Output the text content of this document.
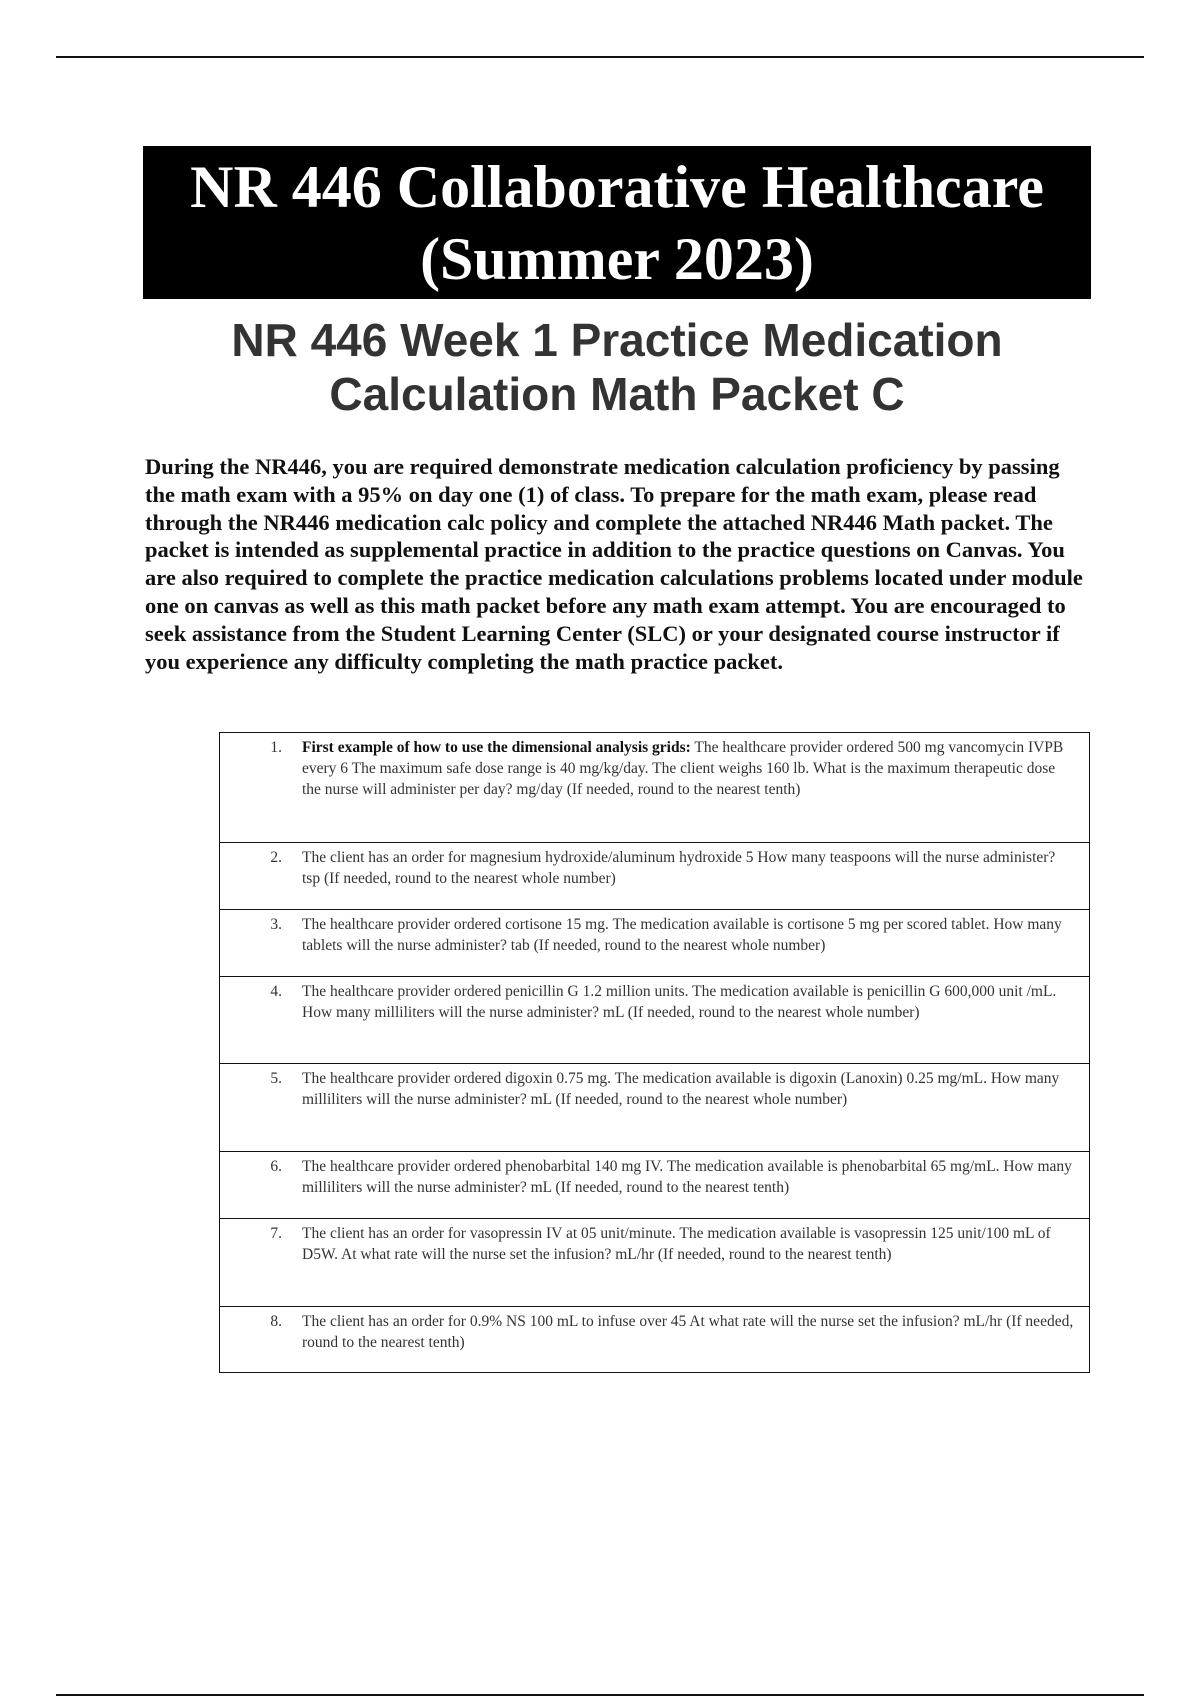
NR 446 Collaborative Healthcare
(Summer 2023)
NR 446 Week 1 Practice Medication
Calculation Math Packet C

During the NR446, you are required demonstrate medication calculation proficiency by passing the math exam with a 95% on day one (1) of class. To prepare for the math exam, please read through the NR446 medication calc policy and complete the attached NR446 Math packet. The packet is intended as supplemental practice in addition to the practice questions on Canvas. You are also required to complete the practice medication calculations problems located under module one on canvas as well as this math packet before any math exam attempt. You are encouraged to seek assistance from the Student Learning Center (SLC) or your designated course instructor if you experience any difficulty completing the math practice packet.

1.	First example of how to use the dimensional analysis grids: The healthcare provider ordered 500 mg vancomycin IVPB every 6 The maximum safe dose range is 40 mg/kg/day. The client weighs 160 lb. What is the maximum therapeutic dose the nurse will administer per day? mg/day (If needed, round to the nearest tenth)
2.	The client has an order for magnesium hydroxide/aluminum hydroxide 5 How many teaspoons will the nurse administer? tsp (If needed, round to the nearest whole number)
3.	The healthcare provider ordered cortisone 15 mg. The medication available is cortisone 5 mg per scored tablet. How many tablets will the nurse administer? tab (If needed, round to the nearest whole number)
4.	The healthcare provider ordered penicillin G 1.2 million units. The medication available is penicillin G 600,000 unit /mL. How many milliliters will the nurse administer? mL (If needed, round to the nearest whole number)
5.	The healthcare provider ordered digoxin 0.75 mg. The medication available is digoxin (Lanoxin) 0.25 mg/mL. How many milliliters will the nurse administer? mL (If needed, round to the nearest whole number)
6.	The healthcare provider ordered phenobarbital 140 mg IV. The medication available is phenobarbital 65 mg/mL. How many milliliters will the nurse administer? mL (If needed, round to the nearest tenth)
7.	The client has an order for vasopressin IV at 05 unit/minute. The medication available is vasopressin 125 unit/100 mL of D5W. At what rate will the nurse set the infusion? mL/hr (If needed, round to the nearest tenth)
8.	The client has an order for 0.9% NS 100 mL to infuse over 45 At what rate will the nurse set the infusion? mL/hr (If needed, round to the nearest tenth)
